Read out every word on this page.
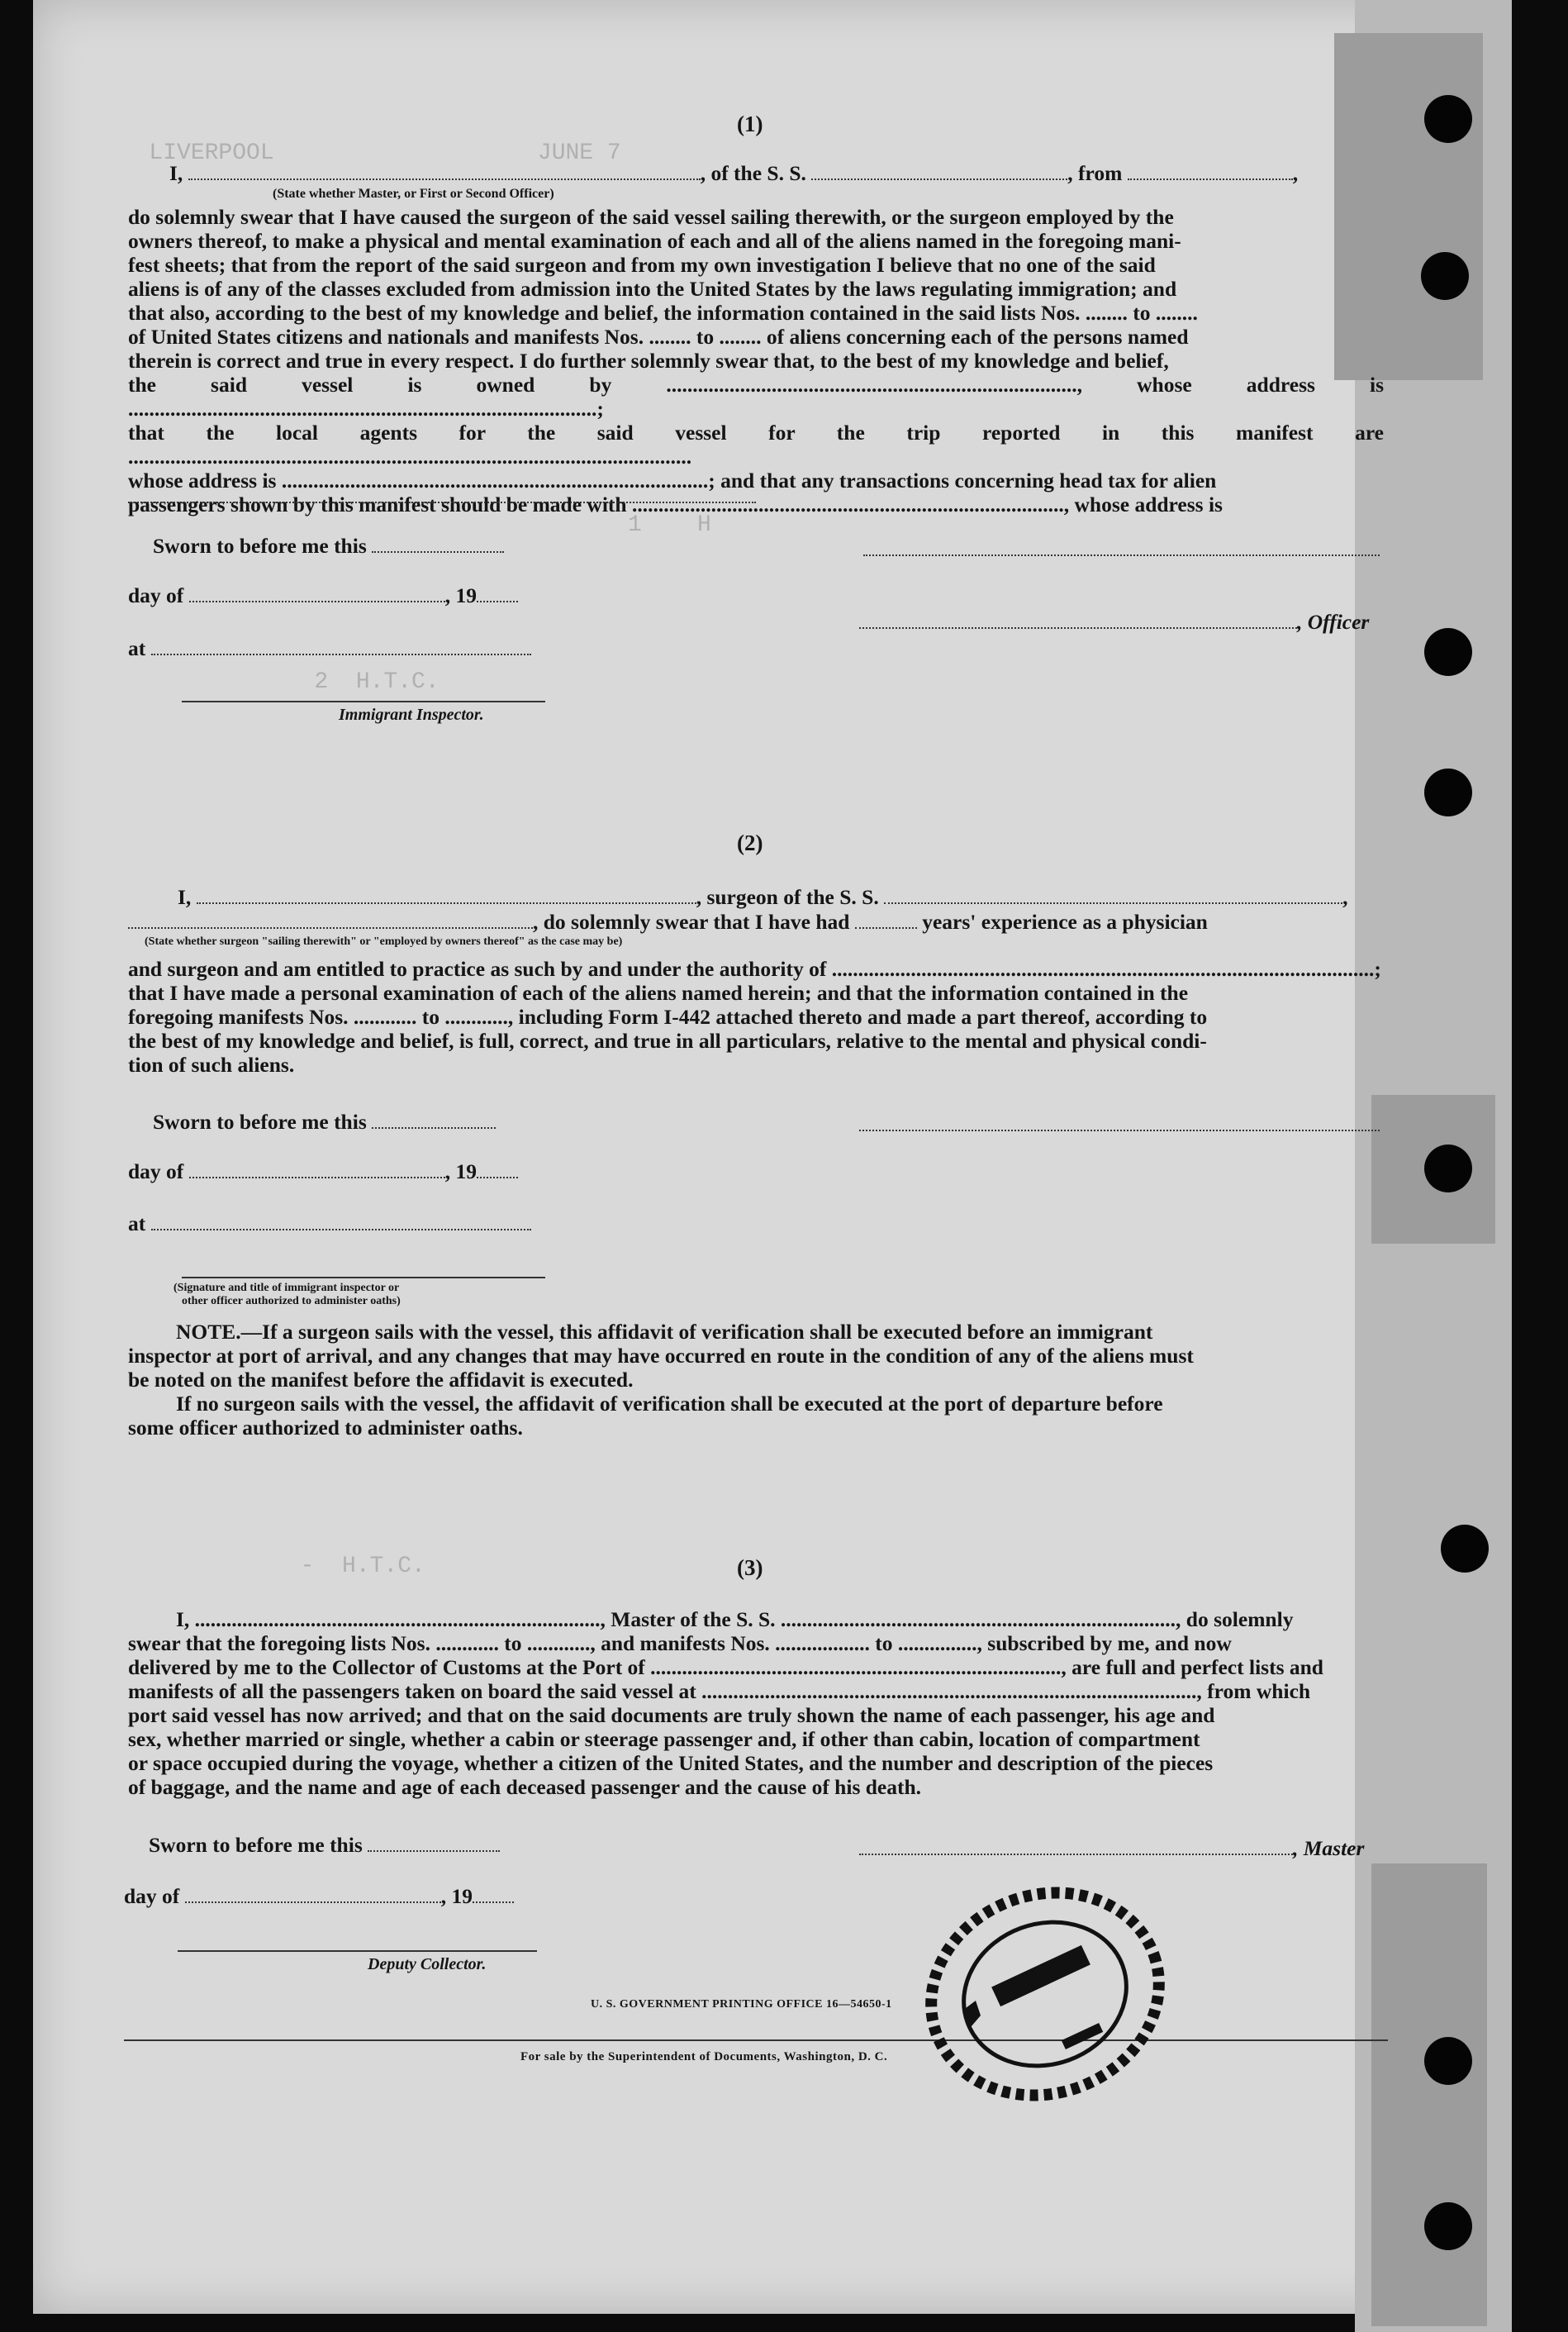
LIVERPOOL                   JUNE 7
1    H
2  H.T.C.
-  H.T.C.
(1)
I,	, of the S. S.	, from	,
(State whether Master, or First or Second Officer)

do solemnly swear that I have caused the surgeon of the said vessel sailing therewith, or the surgeon employed by the

owners thereof, to make a physical and mental examination of each and all of the aliens named in the foregoing mani-

fest sheets; that from the report of the said surgeon and from my own investigation I believe that no one of the said

aliens is of any of the classes excluded from admission into the United States by the laws regulating immigration; and

that also, according to the best of my knowledge and belief, the information contained in the said lists Nos. ........ to ........

of United States citizens and nationals and manifests Nos. ........ to ........ of aliens concerning each of the persons named

therein is correct and true in every respect. I do further solemnly swear that, to the best of my knowledge and belief,

the said vessel is owned by .............................................................................., whose address is .........................................................................................;

that the local agents for the said vessel for the trip reported in this manifest are ...........................................................................................................

whose address is .................................................................................; and that any transactions concerning head tax for alien

passengers shown by this manifest should be made with .................................................................................., whose address is

Sworn to before me this
day of	, 19
, Officer
at
Immigrant Inspector.
(2)
I,	, surgeon of the S. S.	,
, do solemnly swear that I have had	years' experience as a physician
(State whether surgeon "sailing therewith" or "employed by owners thereof" as the case may be)

and surgeon and am entitled to practice as such by and under the authority of .......................................................................................................;

that I have made a personal examination of each of the aliens named herein; and that the information contained in the

foregoing manifests Nos. ............ to ............, including Form I-442 attached thereto and made a part thereof, according to

the best of my knowledge and belief, is full, correct, and true in all particulars, relative to the mental and physical condi-

tion of such aliens.

Sworn to before me this
day of	, 19
at
(Signature and title of immigrant inspector or
other officer authorized to administer oaths)

NOTE.—If a surgeon sails with the vessel, this affidavit of verification shall be executed before an immigrant

inspector at port of arrival, and any changes that may have occurred en route in the condition of any of the aliens must

be noted on the manifest before the affidavit is executed.

If no surgeon sails with the vessel, the affidavit of verification shall be executed at the port of departure before

some officer authorized to administer oaths.

(3)

I, ............................................................................., Master of the S. S. ..........................................................................., do solemnly

swear that the foregoing lists Nos. ............ to ............, and manifests Nos. .................. to ..............., subscribed by me, and now

delivered by me to the Collector of Customs at the Port of .............................................................................., are full and perfect lists and

manifests of all the passengers taken on board the said vessel at .............................................................................................., from which

port said vessel has now arrived; and that on the said documents are truly shown the name of each passenger, his age and

sex, whether married or single, whether a cabin or steerage passenger and, if other than cabin, location of compartment

or space occupied during the voyage, whether a citizen of the United States, and the number and description of the pieces

of baggage, and the name and age of each deceased passenger and the cause of his death.

Sworn to before me this	, Master
day of	, 19
Deputy Collector.
U. S. GOVERNMENT PRINTING OFFICE 16—54650-1
For sale by the Superintendent of Documents, Washington, D. C.
